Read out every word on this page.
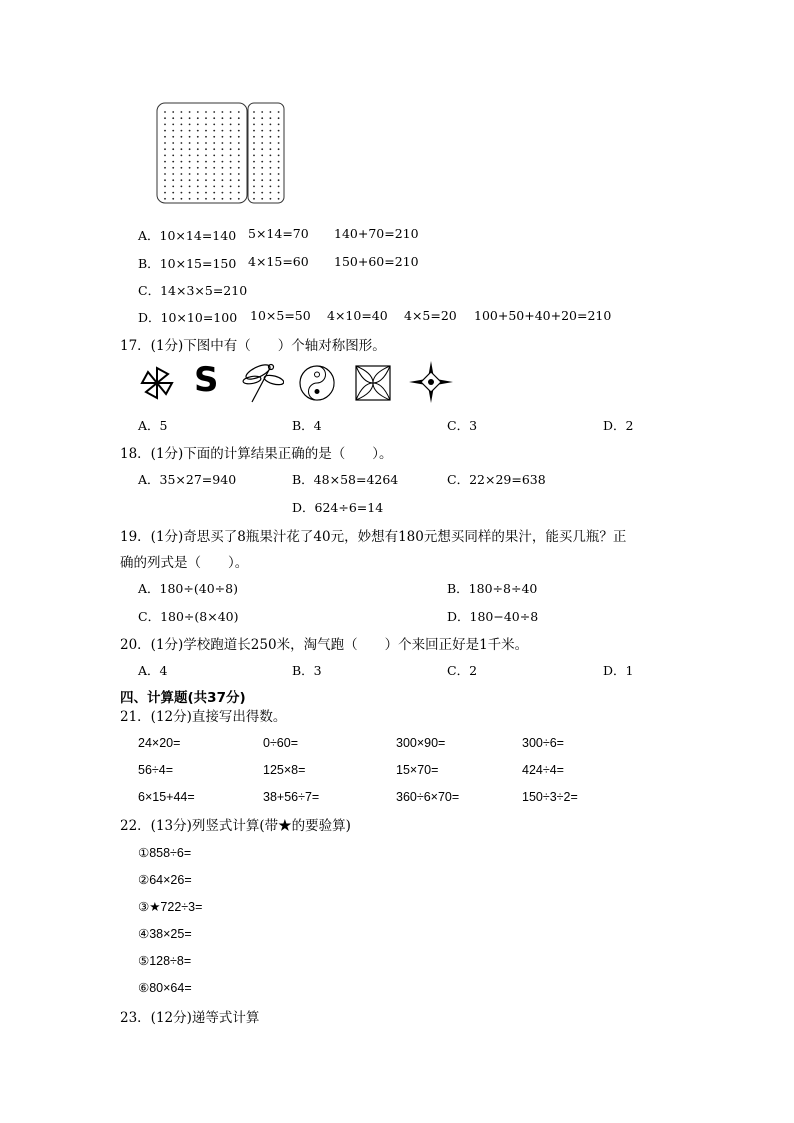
A．10×14=140 5×14=70 140+70=210
B．10×15=150 4×15=60 150+60=210
C．14×3×5=210
D．10×10=100 10×5=50 4×10=40 4×5=20 100+50+40+20=210
17．(1分)下图中有（　　）个轴对称图形。
S
A．5	B．4	C．3	D．2
18．(1分)下面的计算结果正确的是（　　）。
A．35×27=940	B．48×58=4264	C．22×29=638
D．624÷6=14
19．(1分)奇思买了8瓶果汁花了40元，妙想有180元想买同样的果汁，能买几瓶？正
确的列式是（　　）。
A．180÷(40÷8)	B．180÷8÷40
C．180÷(8×40)	D．180−40÷8
20．(1分)学校跑道长250米，淘气跑（　　）个来回正好是1千米。
A．4	B．3	C．2	D．1
四、计算题(共37分)
21．(12分)直接写出得数。
24×20=	0÷60=	300×90=	300÷6=
56÷4=	125×8=	15×70=	424÷4=
6×15+44=	38+56÷7=	360÷6×70=	150÷3÷2=
22．(13分)列竖式计算(带★的要验算)
①858÷6=
②64×26=
③★722÷3=
④38×25=
⑤128÷8=
⑥80×64=
23．(12分)递等式计算
